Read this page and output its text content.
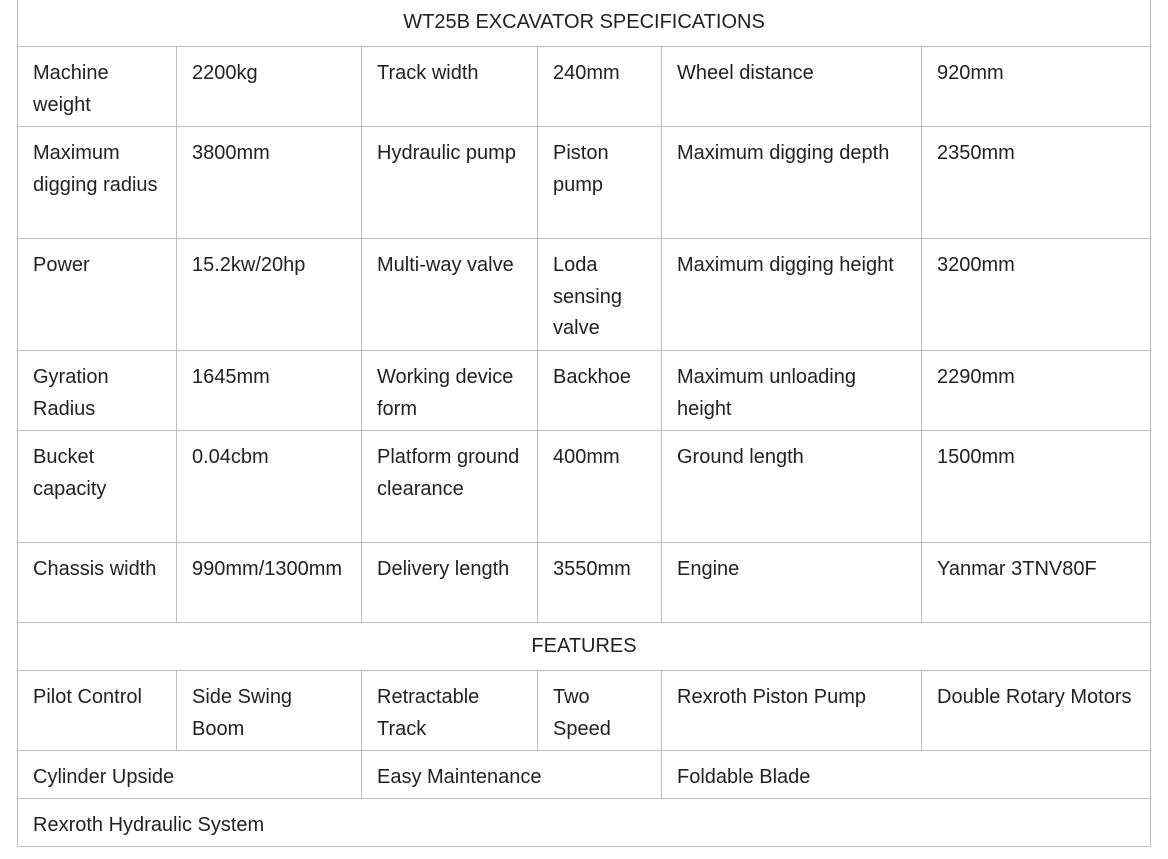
WT25B EXCAVATOR SPECIFICATIONS					
Machine weight	2200kg	Track width	240mm	Wheel distance	920mm
Maximum digging radius	3800mm	Hydraulic pump	Piston pump	Maximum digging depth	2350mm
Power	15.2kw/20hp	Multi-way valve	Loda sensing valve	Maximum digging height	3200mm
Gyration Radius	1645mm	Working device form	Backhoe	Maximum unloading height	2290mm
Bucket capacity	0.04cbm	Platform ground clearance	400mm	Ground length	1500mm
Chassis width	990mm/1300mm	Delivery length	3550mm	Engine	Yanmar 3TNV80F
FEATURES					
Pilot Control	Side Swing Boom	Retractable Track	Two Speed	Rexroth Piston Pump	Double Rotary Motors
Cylinder Upside		Easy Maintenance		Foldable Blade	
Rexroth Hydraulic System					
